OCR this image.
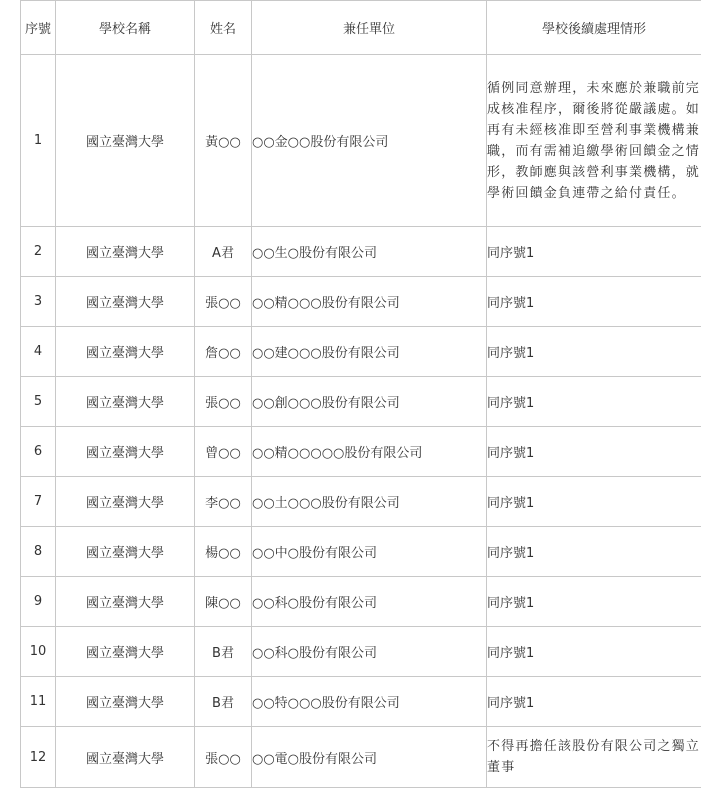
序號	學校名稱	姓名	兼任單位	學校後續處理情形
1	國立臺灣大學	黃○○	○○金○○股份有限公司	循例同意辦理，未來應於兼職前完成核准程序，爾後將從嚴議處。如再有未經核准即至營利事業機構兼職，而有需補追繳學術回饋金之情形，教師應與該營利事業機構，就學術回饋金負連帶之給付責任。
2	國立臺灣大學	A君	○○生○股份有限公司	同序號1
3	國立臺灣大學	張○○	○○精○○○股份有限公司	同序號1
4	國立臺灣大學	詹○○	○○建○○○股份有限公司	同序號1
5	國立臺灣大學	張○○	○○創○○○股份有限公司	同序號1
6	國立臺灣大學	曾○○	○○精○○○○○股份有限公司	同序號1
7	國立臺灣大學	李○○	○○土○○○股份有限公司	同序號1
8	國立臺灣大學	楊○○	○○中○股份有限公司	同序號1
9	國立臺灣大學	陳○○	○○科○股份有限公司	同序號1
10	國立臺灣大學	B君	○○科○股份有限公司	同序號1
11	國立臺灣大學	B君	○○特○○○股份有限公司	同序號1
12	國立臺灣大學	張○○	○○電○股份有限公司	不得再擔任該股份有限公司之獨立董事
